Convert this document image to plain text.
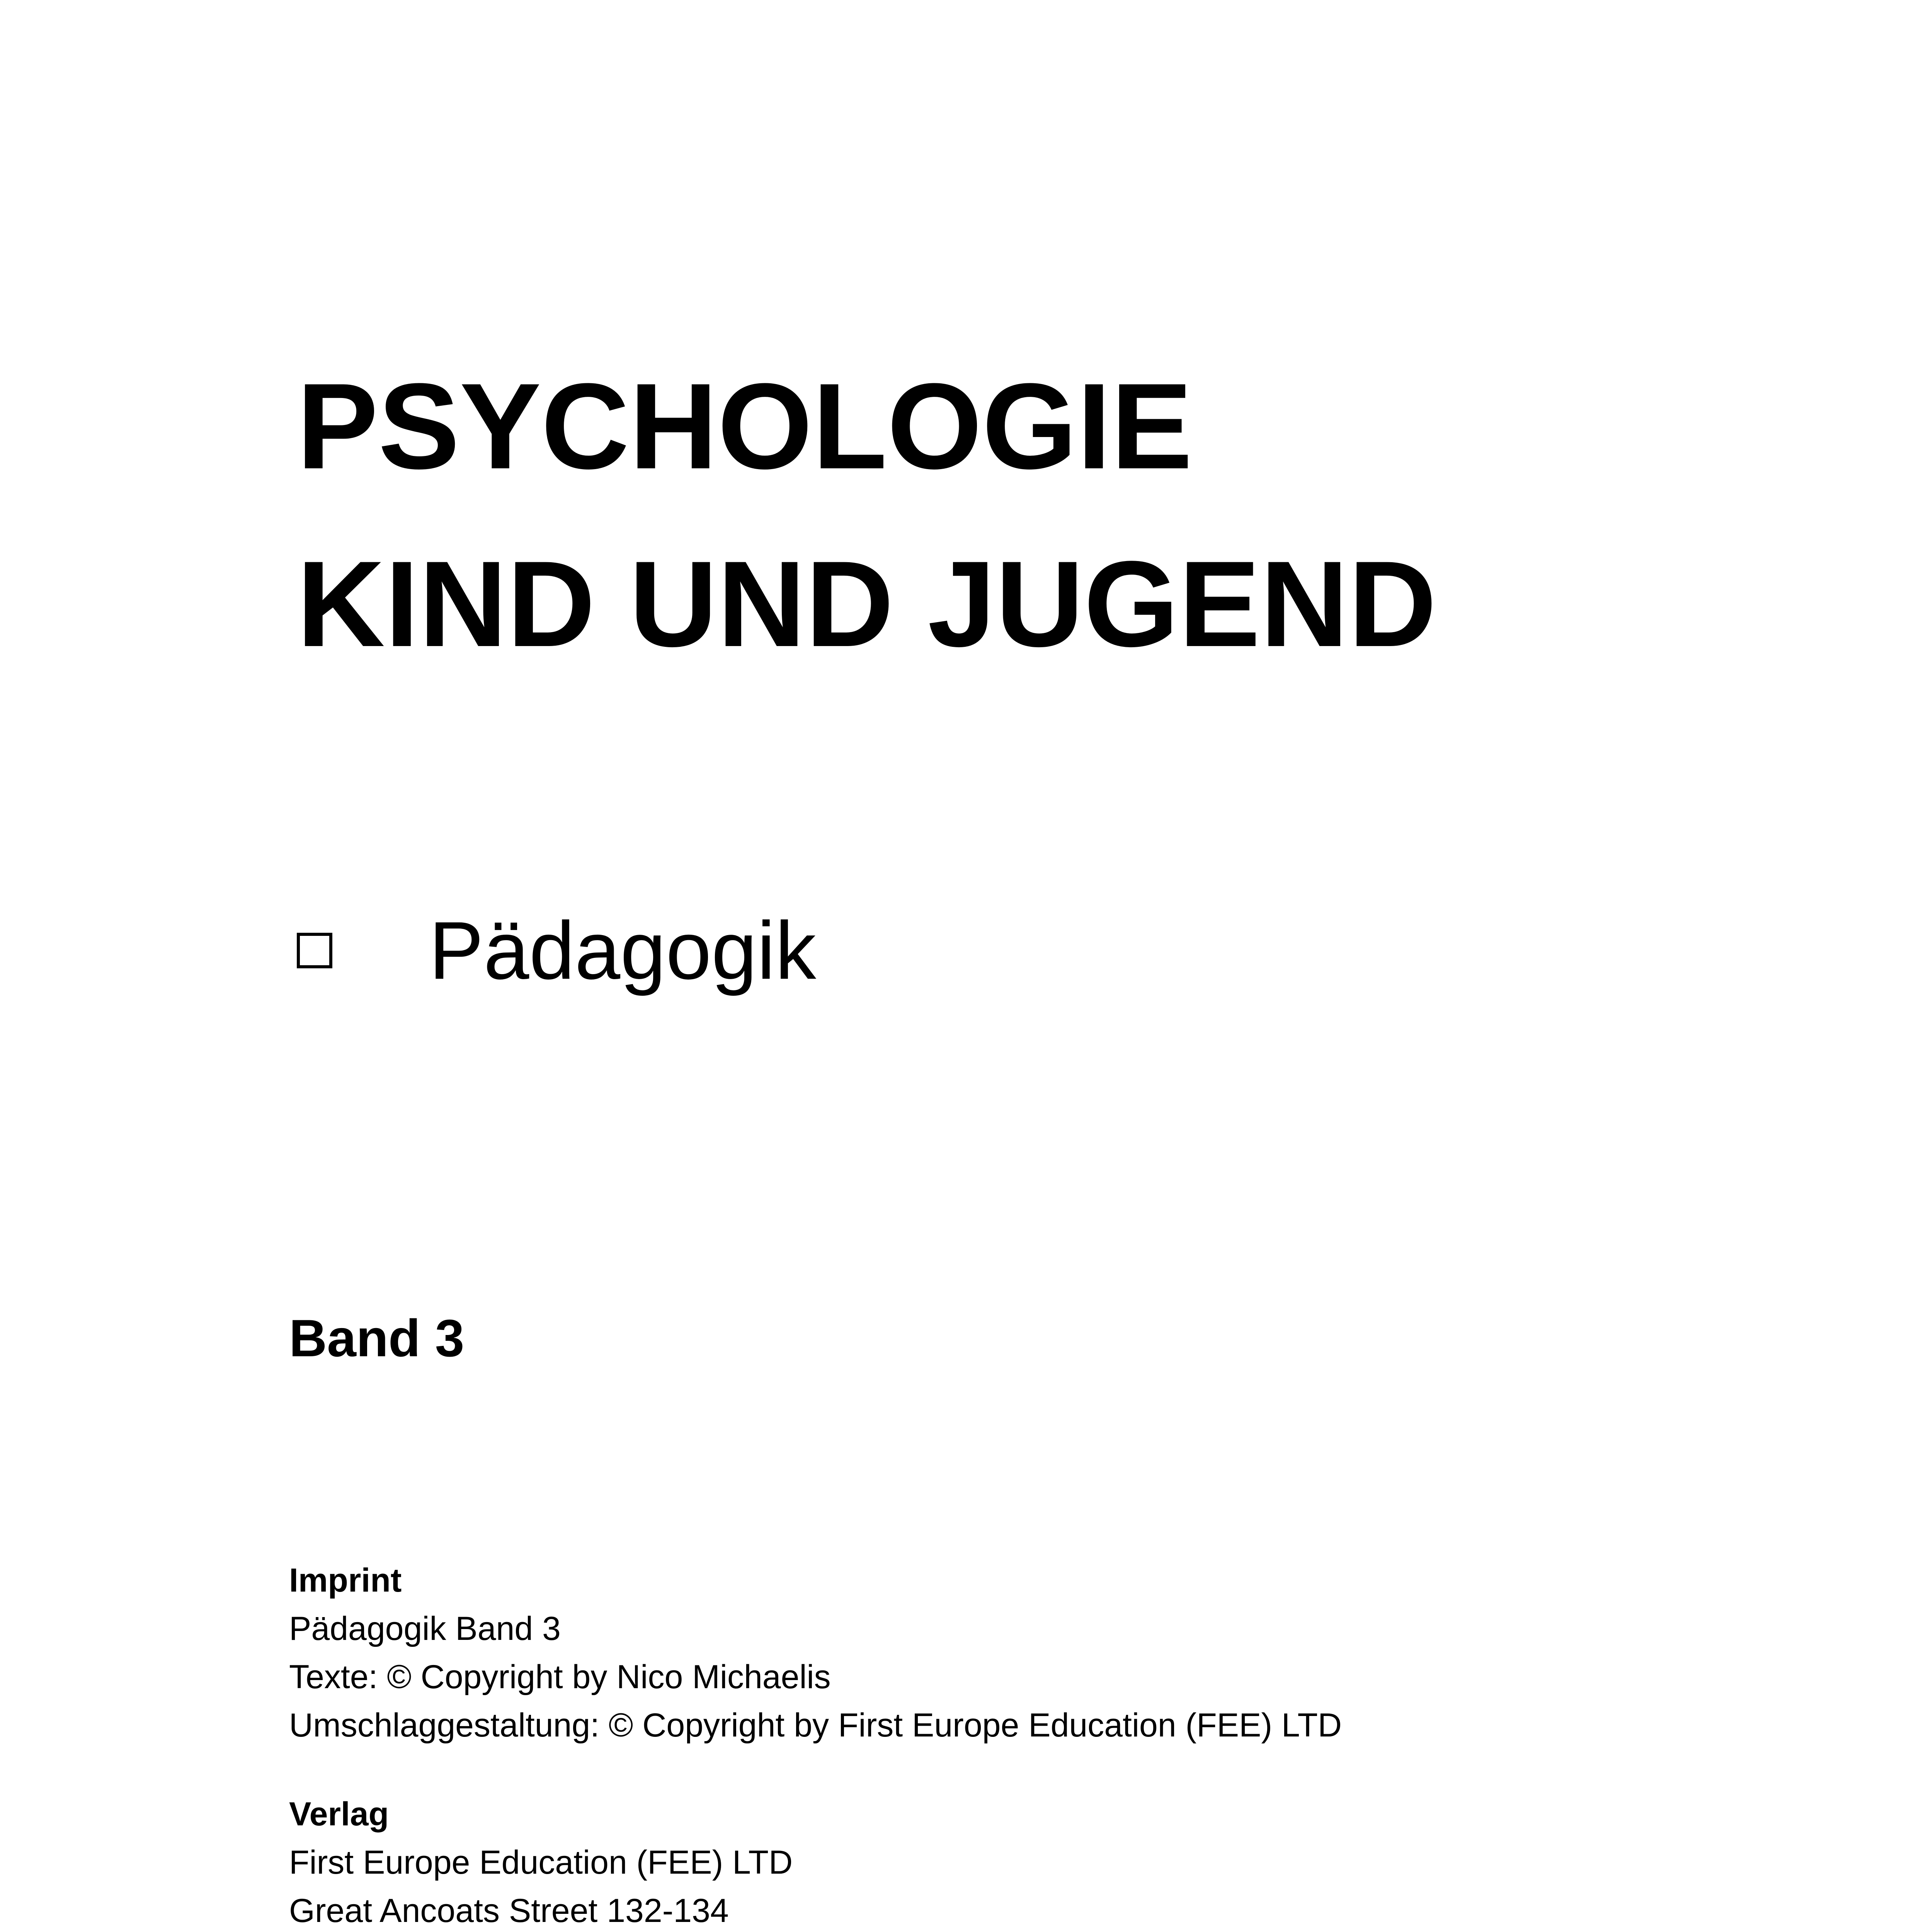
PSYCHOLOGIE
KIND UND JUGEND
Pädagogik
Band 3
Imprint
Pädagogik Band 3
Texte: © Copyright by Nico Michaelis
Umschlaggestaltung: © Copyright by First Europe Education (FEE) LTD
Verlag
First Europe Education (FEE) LTD
Great Ancoats Street 132-134
